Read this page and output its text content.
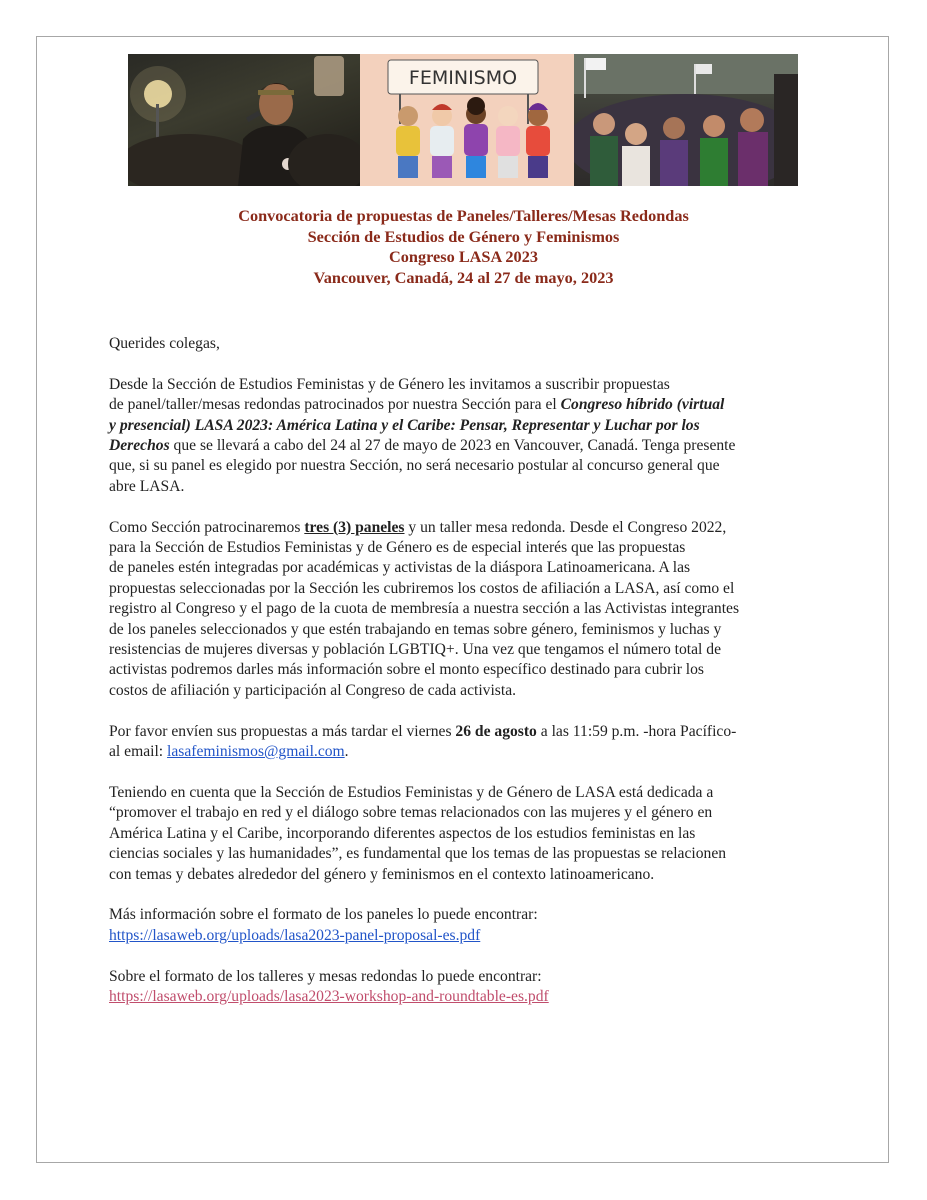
FEMINISMO
Convocatoria de propuestas de Paneles/Talleres/Mesas Redondas
Sección de Estudios de Género y Feminismos
Congreso LASA 2023
Vancouver, Canadá, 24 al 27 de mayo, 2023

Querides colegas,

Desde la Sección de Estudios Feministas y de Género les invitamos a suscribir propuestas
de panel/taller/mesas redondas patrocinados por nuestra Sección para el Congreso híbrido (virtual
y presencial) LASA 2023: América Latina y el Caribe: Pensar, Representar y Luchar por los
Derechos que se llevará a cabo del 24 al 27 de mayo de 2023 en Vancouver, Canadá. Tenga presente
que, si su panel es elegido por nuestra Sección, no será necesario postular al concurso general que
abre LASA.
Como Sección patrocinaremos tres (3) paneles y un taller mesa redonda. Desde el Congreso 2022,
para la Sección de Estudios Feministas y de Género es de especial interés que las propuestas
de paneles estén integradas por académicas y activistas de la diáspora Latinoamericana. A las
propuestas seleccionadas por la Sección les cubriremos los costos de afiliación a LASA, así como el
registro al Congreso y el pago de la cuota de membresía a nuestra sección a las Activistas integrantes
de los paneles seleccionados y que estén trabajando en temas sobre género, feminismos y luchas y
resistencias de mujeres diversas y población LGBTIQ+. Una vez que tengamos el número total de
activistas podremos darles más información sobre el monto específico destinado para cubrir los
costos de afiliación y participación al Congreso de cada activista.
Por favor envíen sus propuestas a más tardar el viernes 26 de agosto a las 11:59 p.m. -hora Pacífico-
al email: lasafeminismos@gmail.com.
Teniendo en cuenta que la Sección de Estudios Feministas y de Género de LASA está dedicada a
“promover el trabajo en red y el diálogo sobre temas relacionados con las mujeres y el género en
América Latina y el Caribe, incorporando diferentes aspectos de los estudios feministas en las
ciencias sociales y las humanidades”, es fundamental que los temas de las propuestas se relacionen
con temas y debates alrededor del género y feminismos en el contexto latinoamericano.
Más información sobre el formato de los paneles lo puede encontrar:
https://lasaweb.org/uploads/lasa2023-panel-proposal-es.pdf
Sobre el formato de los talleres y mesas redondas lo puede encontrar:
https://lasaweb.org/uploads/lasa2023-workshop-and-roundtable-es.pdf
